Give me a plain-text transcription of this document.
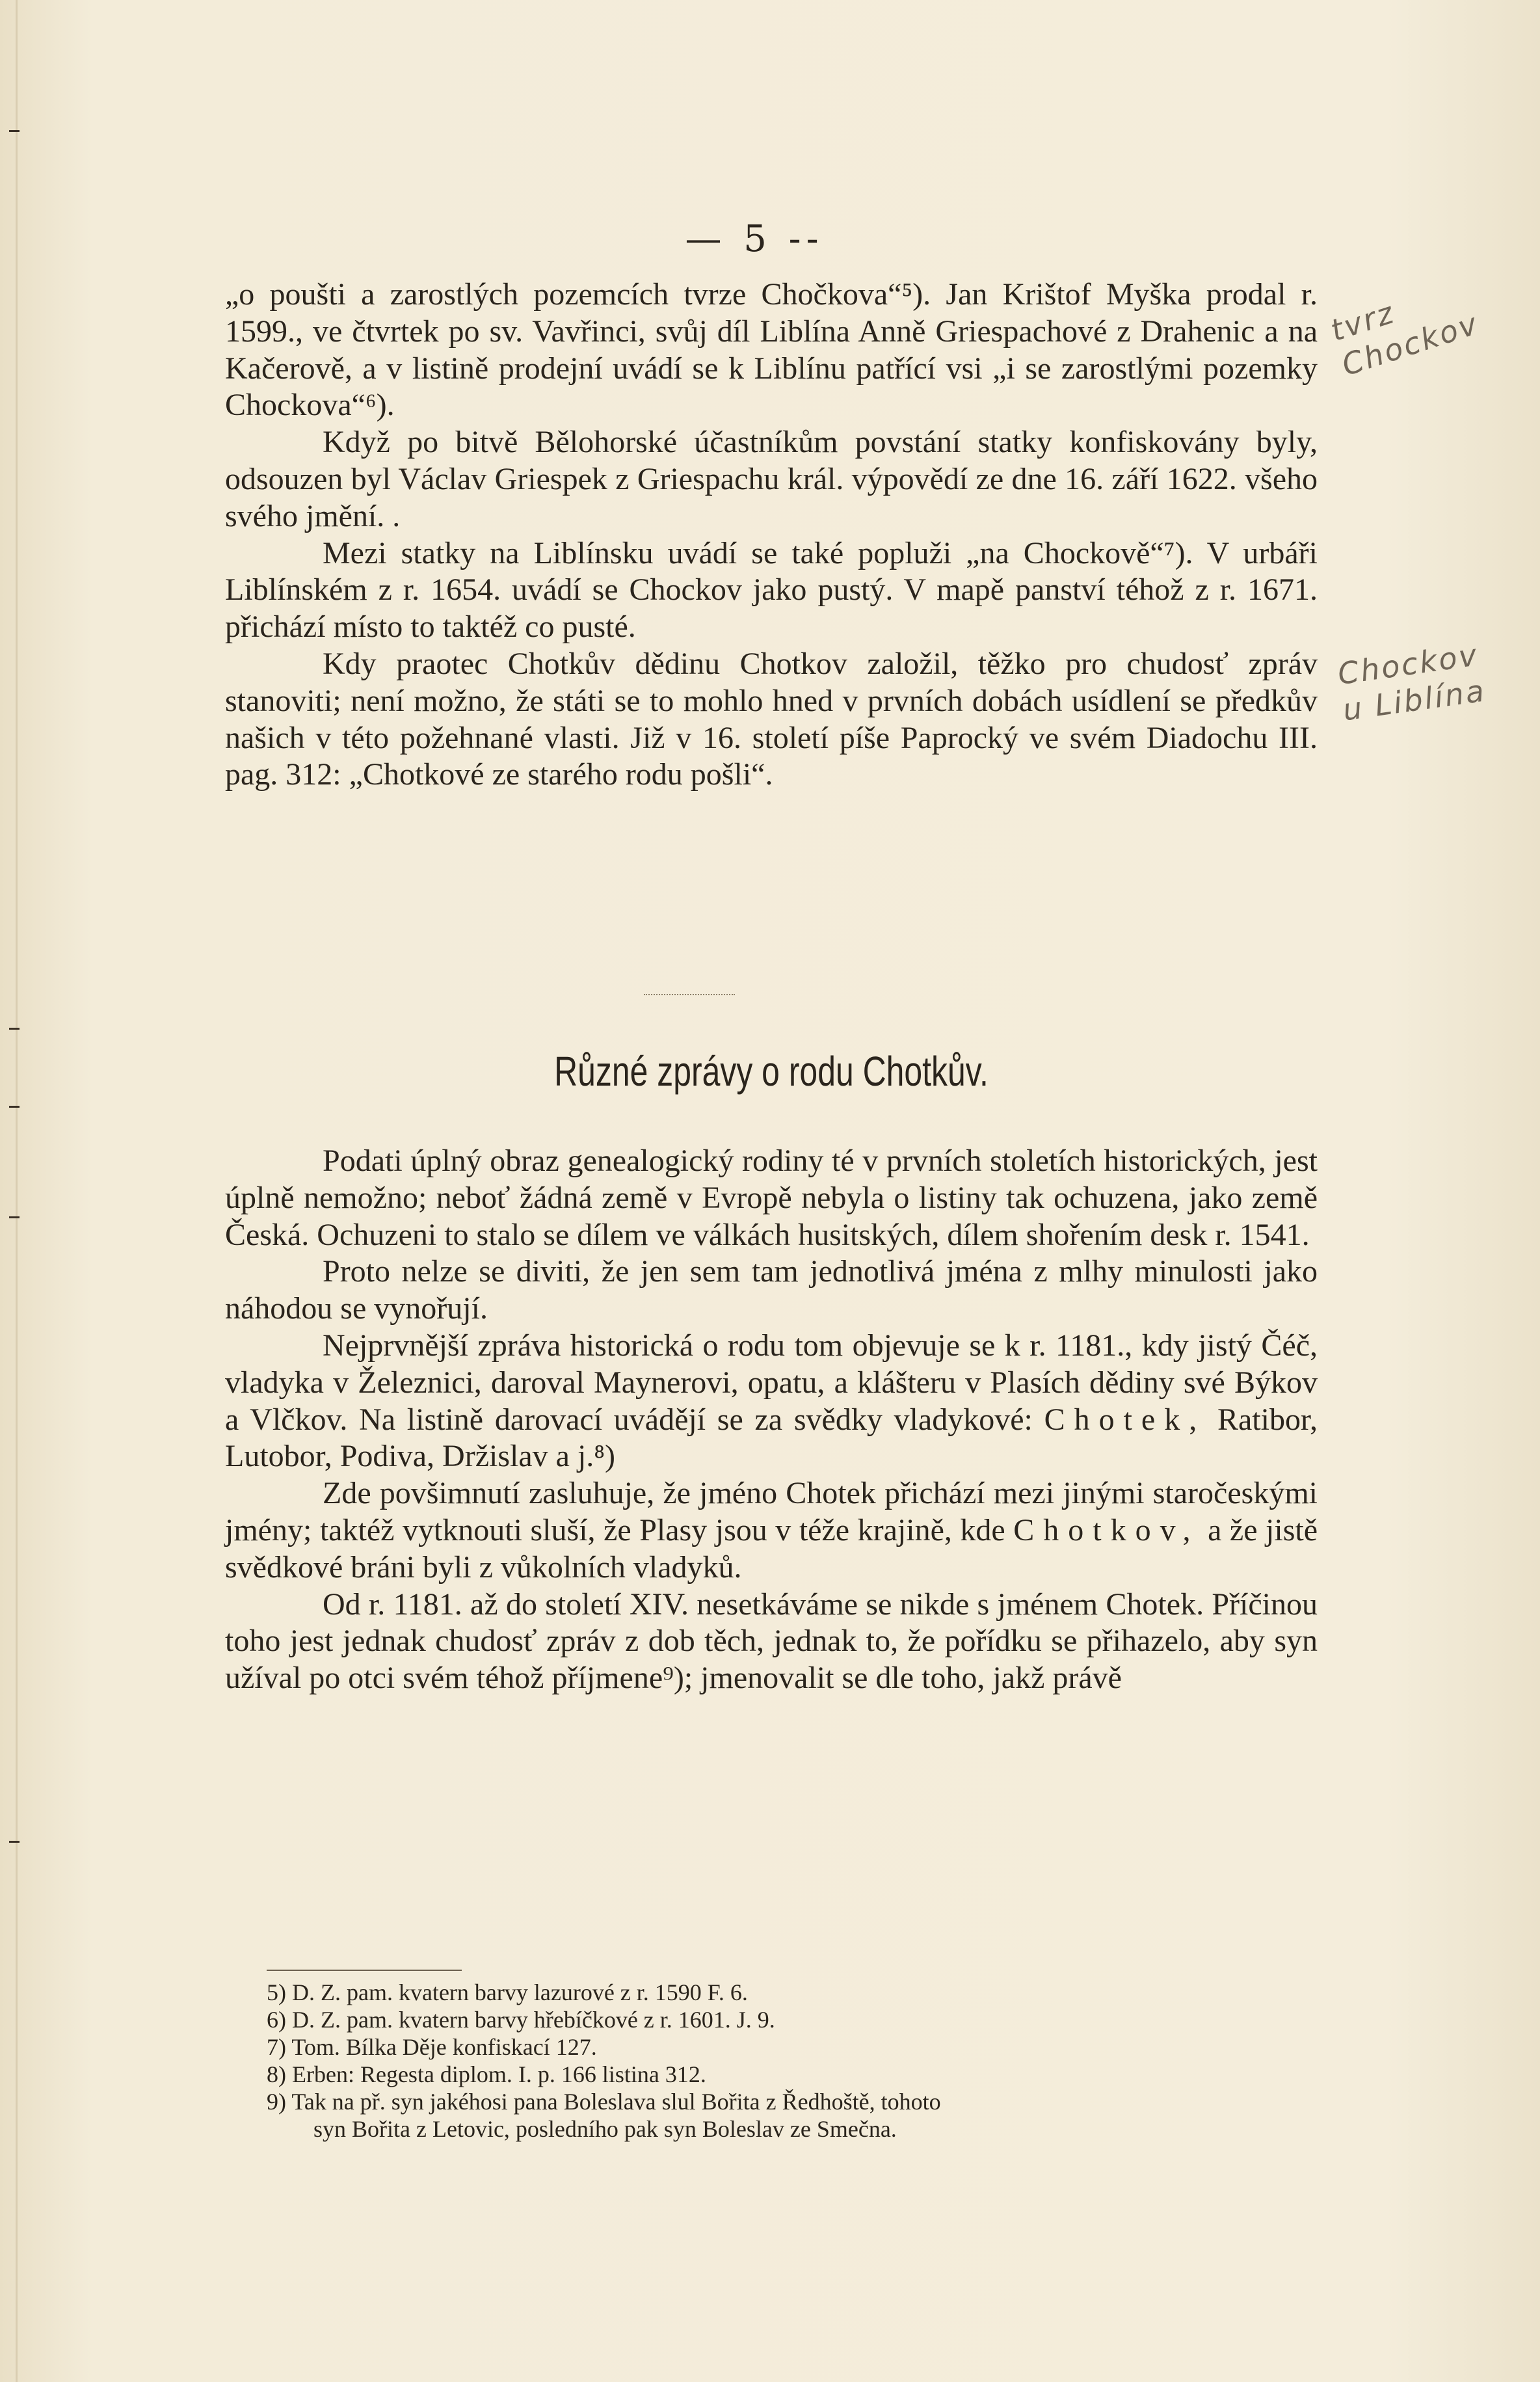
— 5 --

„o poušti a zarostlých pozemcích tvrze Chočkova“⁵). Jan Krištof Myška prodal r. 1599., ve čtvrtek po sv. Vavřinci, svůj díl Liblína Anně Griespachové z Drahenic a na Kačerově, a v listině prodejní uvádí se k Liblínu patřící vsi „i se zarostlými pozemky Chockova“⁶).

Když po bitvě Bělohorské účastníkům povstání statky konfiskovány byly, odsouzen byl Václav Griespek z Griespachu král. výpovědí ze dne 16. září 1622. všeho svého jmění. .

Mezi statky na Liblínsku uvádí se také popluži „na Chockově“⁷). V urbáři Liblínském z r. 1654. uvádí se Chockov jako pustý. V mapě panství téhož z r. 1671. přichází místo to taktéž co pusté.

Kdy praotec Chotkův dědinu Chotkov založil, těžko pro chudosť zpráv stanoviti; není možno, že státi se to mohlo hned v prvních dobách usídlení se předkův našich v této požehnané vlasti. Již v 16. století píše Paprocký ve svém Diadochu III. pag. 312: „Chotkové ze starého rodu pošli“.

Různé zprávy o rodu Chotkův.

Podati úplný obraz genealogický rodiny té v prvních stoletích historických, jest úplně nemožno; neboť žádná země v Evropě nebyla o listiny tak ochuzena, jako země Česká. Ochuzeni to stalo se dílem ve válkách husitských, dílem shořením desk r. 1541.

Proto nelze se diviti, že jen sem tam jednotlivá jména z mlhy minulosti jako náhodou se vynořují.

Nejprvnější zpráva historická o rodu tom objevuje se k r. 1181., kdy jistý Čéč, vladyka v Železnici, daroval Maynerovi, opatu, a klášteru v Plasích dědiny své Býkov a Vlčkov. Na listině darovací uvádějí se za svědky vladykové: Chotek, Ratibor, Lutobor, Podiva, Držislav a j.⁸)

Zde povšimnutí zasluhuje, že jméno Chotek přichází mezi jinými staročeskými jmény; taktéž vytknouti sluší, že Plasy jsou v téže krajině, kde Chotkov, a že jistě svědkové bráni byli z vůkolních vladyků.

Od r. 1181. až do století XIV. nesetkáváme se nikde s jménem Chotek. Příčinou toho jest jednak chudosť zpráv z dob těch, jednak to, že pořídku se přihazelo, aby syn užíval po otci svém téhož příjmene⁹); jmenovalit se dle toho, jakž právě

5) D. Z. pam. kvatern barvy lazurové z r. 1590 F. 6.

6) D. Z. pam. kvatern barvy hřebíčkové z r. 1601. J. 9.

7) Tom. Bílka Děje konfiskací 127.

8) Erben: Regesta diplom. I. p. 166 listina 312.

9) Tak na př. syn jakéhosi pana Boleslava slul Bořita z Ředhoště, tohoto

syn Bořita z Letovic, posledního pak syn Boleslav ze Smečna.

tvrz Chockov
Chockov u Liblína
